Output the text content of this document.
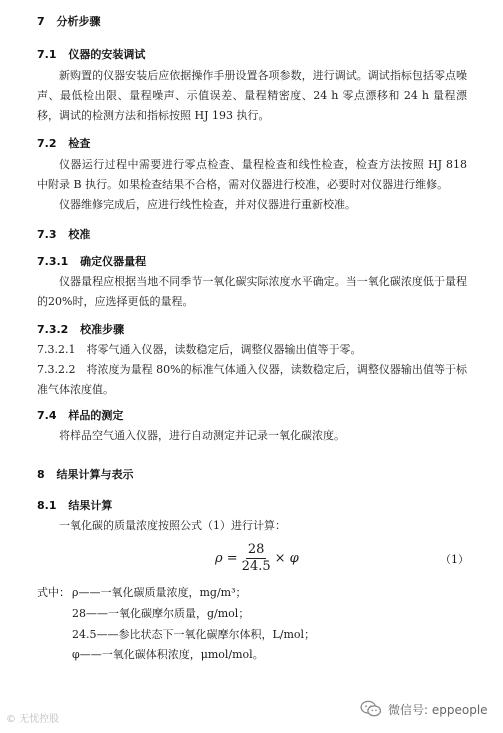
7 分析步骤
7.1 仪器的安装调试
新购置的仪器安装后应依据操作手册设置各项参数，进行调试。调试指标包括零点噪声、最低检出限、量程噪声、示值误差、量程精密度、24 h 零点漂移和 24 h 量程漂移，调试的检测方法和指标按照 HJ 193 执行。
7.2 检查
仪器运行过程中需要进行零点检查、量程检查和线性检查，检查方法按照 HJ 818 中附录 B 执行。如果检查结果不合格，需对仪器进行校准，必要时对仪器进行维修。
仪器维修完成后，应进行线性检查，并对仪器进行重新校准。
7.3 校准
7.3.1 确定仪器量程
仪器量程应根据当地不同季节一氧化碳实际浓度水平确定。当一氧化碳浓度低于量程的20%时，应选择更低的量程。
7.3.2 校准步骤
7.3.2.1　将零气通入仪器，读数稳定后，调整仪器输出值等于零。
7.3.2.2　将浓度为量程 80%的标准气体通入仪器，读数稳定后，调整仪器输出值等于标准气体浓度值。
7.4 样品的测定
将样品空气通入仪器，进行自动测定并记录一氧化碳浓度。
8 结果计算与表示
8.1 结果计算
一氧化碳的质量浓度按照公式（1）进行计算：
$\rho = \frac{28}{24.5} \times \varphi$	（1）
式中： ρ——一氧化碳质量浓度，mg/m³；
28——一氧化碳摩尔质量，g/mol；
24.5——参比状态下一氧化碳摩尔体积，L/mol；
φ——一氧化碳体积浓度，μmol/mol。
© 无忧控股
微信号: eppeople
